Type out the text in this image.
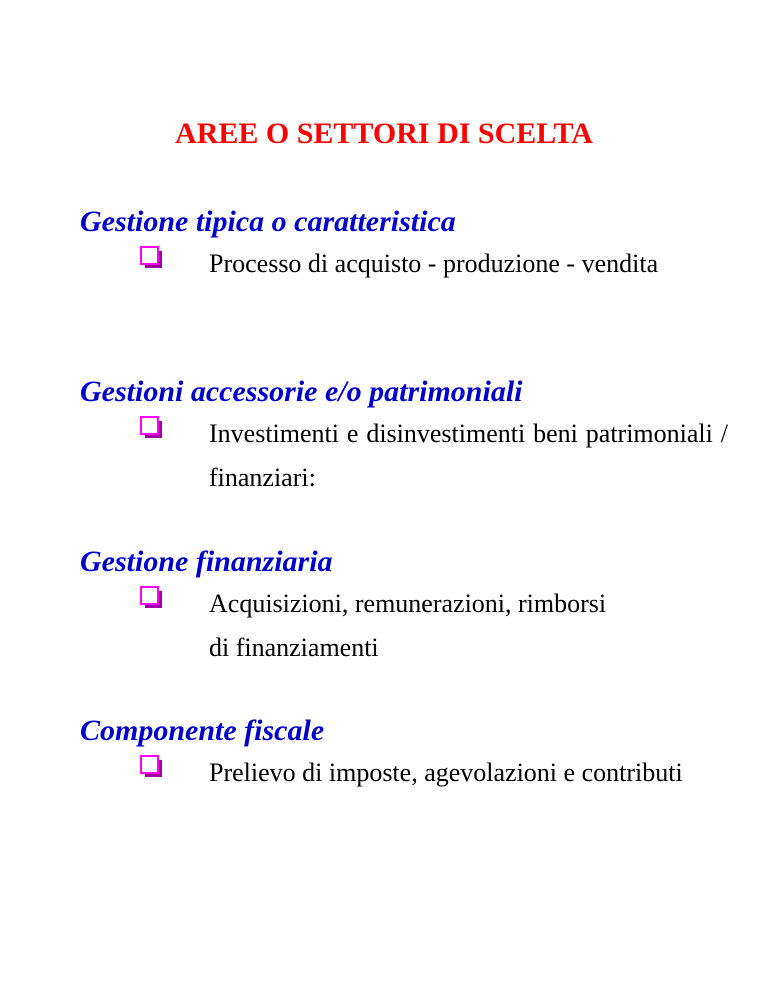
AREE O SETTORI DI SCELTA
Gestione tipica o caratteristica
Processo di acquisto - produzione - vendita
Gestioni accessorie e/o patrimoniali
Investimenti e disinvestimenti beni patrimoniali / finanziari:
Gestione finanziaria
Acquisizioni, remunerazioni, rimborsi di finanziamenti
Componente fiscale
Prelievo di imposte, agevolazioni e contributi
